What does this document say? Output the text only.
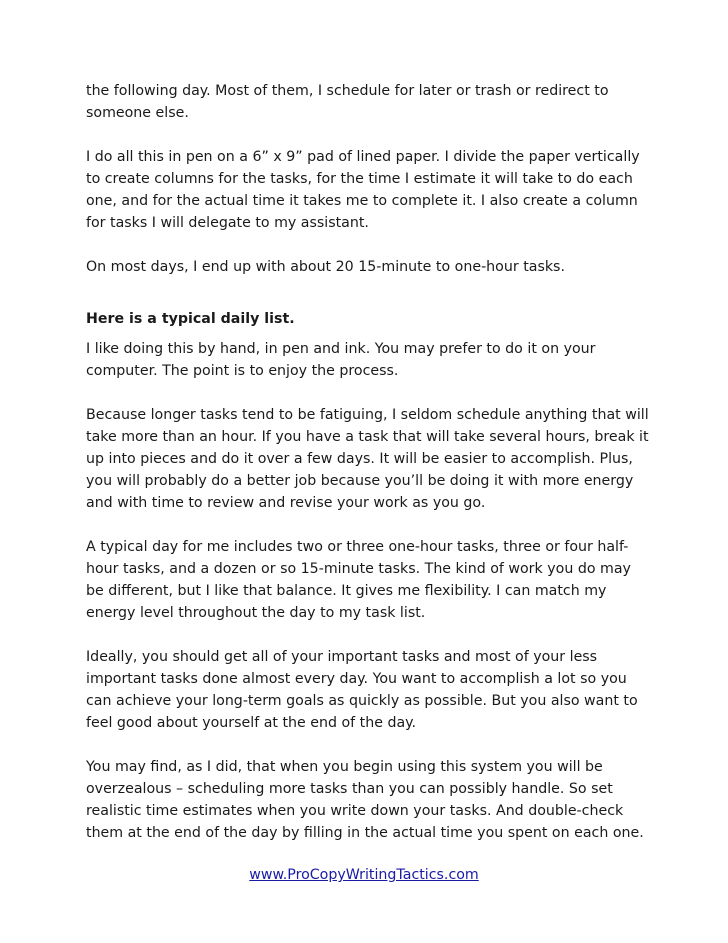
the following day. Most of them, I schedule for later or trash or redirect to someone else.

I do all this in pen on a 6” x 9” pad of lined paper. I divide the paper vertically to create columns for the tasks, for the time I estimate it will take to do each one, and for the actual time it takes me to complete it. I also create a column for tasks I will delegate to my assistant.

On most days, I end up with about 20 15-minute to one-hour tasks.

Here is a typical daily list.

I like doing this by hand, in pen and ink. You may prefer to do it on your computer. The point is to enjoy the process.

Because longer tasks tend to be fatiguing, I seldom schedule anything that will take more than an hour. If you have a task that will take several hours, break it up into pieces and do it over a few days. It will be easier to accomplish. Plus, you will probably do a better job because you’ll be doing it with more energy and with time to review and revise your work as you go.

A typical day for me includes two or three one-hour tasks, three or four half-hour tasks, and a dozen or so 15-minute tasks. The kind of work you do may be different, but I like that balance. It gives me flexibility. I can match my energy level throughout the day to my task list.

Ideally, you should get all of your important tasks and most of your less important tasks done almost every day. You want to accomplish a lot so you can achieve your long-term goals as quickly as possible. But you also want to feel good about yourself at the end of the day.

You may find, as I did, that when you begin using this system you will be overzealous – scheduling more tasks than you can possibly handle. So set realistic time estimates when you write down your tasks. And double-check them at the end of the day by filling in the actual time you spent on each one.

www.ProCopyWritingTactics.com
